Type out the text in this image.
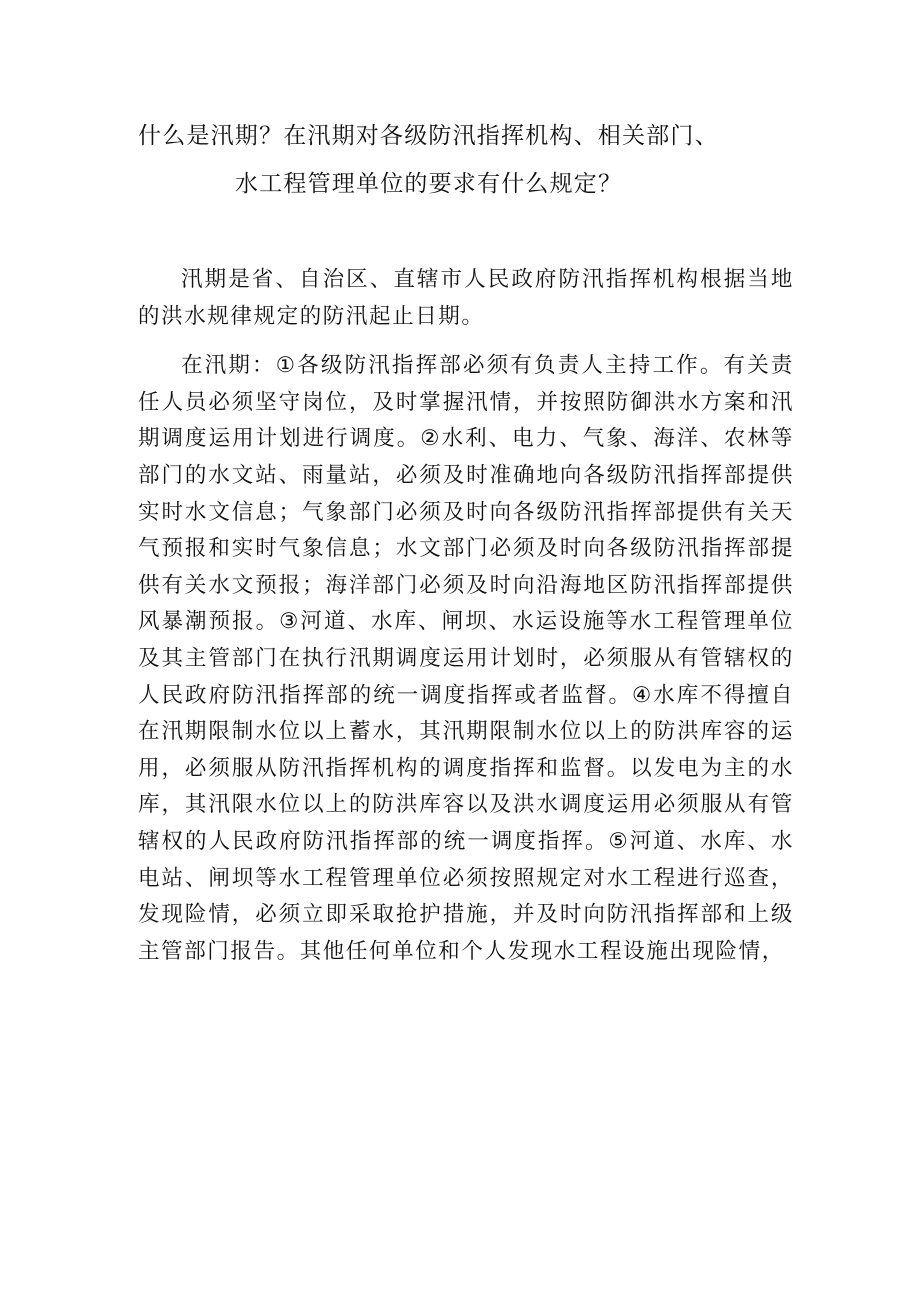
什么是汛期？在汛期对各级防汛指挥机构、相关部门、
水工程管理单位的要求有什么规定？

汛期是省、自治区、直辖市人民政府防汛指挥机构根据当地的洪水规律规定的防汛起止日期。

在汛期：①各级防汛指挥部必须有负责人主持工作。有关责任人员必须坚守岗位，及时掌握汛情，并按照防御洪水方案和汛期调度运用计划进行调度。②水利、电力、气象、海洋、农林等部门的水文站、雨量站，必须及时准确地向各级防汛指挥部提供实时水文信息；气象部门必须及时向各级防汛指挥部提供有关天气预报和实时气象信息；水文部门必须及时向各级防汛指挥部提供有关水文预报；海洋部门必须及时向沿海地区防汛指挥部提供风暴潮预报。③河道、水库、闸坝、水运设施等水工程管理单位及其主管部门在执行汛期调度运用计划时，必须服从有管辖权的人民政府防汛指挥部的统一调度指挥或者监督。④水库不得擅自在汛期限制水位以上蓄水，其汛期限制水位以上的防洪库容的运用，必须服从防汛指挥机构的调度指挥和监督。以发电为主的水库，其汛限水位以上的防洪库容以及洪水调度运用必须服从有管辖权的人民政府防汛指挥部的统一调度指挥。⑤河道、水库、水电站、闸坝等水工程管理单位必须按照规定对水工程进行巡查，发现险情，必须立即采取抢护措施，并及时向防汛指挥部和上级主管部门报告。其他任何单位和个人发现水工程设施出现险情，
